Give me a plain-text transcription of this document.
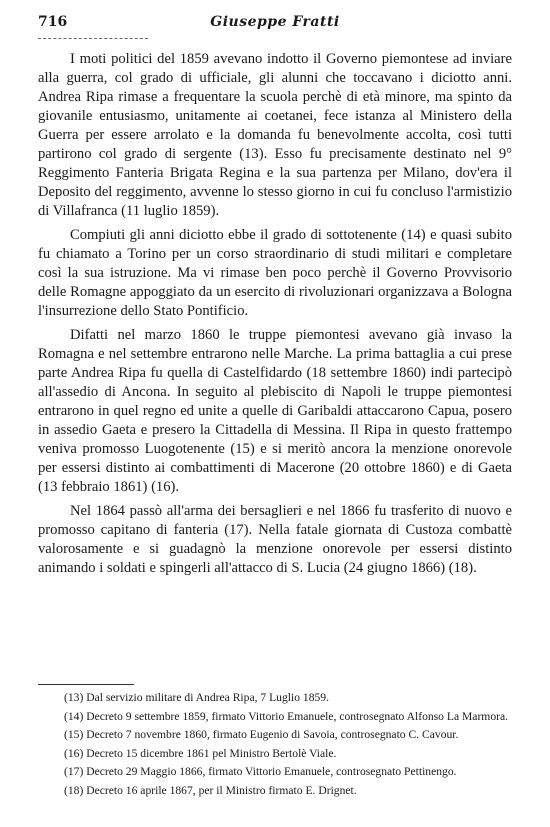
716	Giuseppe Fratti

I moti politici del 1859 avevano indotto il Governo piemontese ad inviare alla guerra, col grado di ufficiale, gli alunni che toccavano i diciotto anni. Andrea Ripa rimase a frequentare la scuola perchè di età minore, ma spinto da giovanile entusiasmo, unitamente ai coetanei, fece istanza al Ministero della Guerra per essere arrolato e la domanda fu benevolmente accolta, così tutti partirono col grado di sergente (13). Esso fu precisamente destinato nel 9° Reggimento Fanteria Brigata Regina e la sua partenza per Milano, dov'era il Deposito del reggimento, avvenne lo stesso giorno in cui fu concluso l'armistizio di Villafranca (11 luglio 1859).

Compiuti gli anni diciotto ebbe il grado di sottotenente (14) e quasi subito fu chiamato a Torino per un corso straordinario di studi militari e completare così la sua istruzione. Ma vi rimase ben poco perchè il Governo Provvisorio delle Romagne appoggiato da un esercito di rivoluzionari organizzava a Bologna l'insurrezione dello Stato Pontificio.

Difatti nel marzo 1860 le truppe piemontesi avevano già invaso la Romagna e nel settembre entrarono nelle Marche. La prima battaglia a cui prese parte Andrea Ripa fu quella di Castelfidardo (18 settembre 1860) indi partecipò all'assedio di Ancona. In seguito al plebiscito di Napoli le truppe piemontesi entrarono in quel regno ed unite a quelle di Garibaldi attaccarono Capua, posero in assedio Gaeta e presero la Cittadella di Messina. Il Ripa in questo frattempo veniva promosso Luogotenente (15) e si meritò ancora la menzione onorevole per essersi distinto ai combattimenti di Macerone (20 ottobre 1860) e di Gaeta (13 febbraio 1861) (16).

Nel 1864 passò all'arma dei bersaglieri e nel 1866 fu trasferito di nuovo e promosso capitano di fanteria (17). Nella fatale giornata di Custoza combattè valorosamente e si guadagnò la menzione onorevole per essersi distinto animando i soldati e spingerli all'attacco di S. Lucia (24 giugno 1866) (18).

(13) Dal servizio militare di Andrea Ripa, 7 Luglio 1859.

(14) Decreto 9 settembre 1859, firmato Vittorio Emanuele, controsegnato Alfonso La Marmora.

(15) Decreto 7 novembre 1860, firmato Eugenio di Savoia, controsegnato C. Cavour.

(16) Decreto 15 dicembre 1861 pel Ministro Bertolè Viale.

(17) Decreto 29 Maggio 1866, firmato Vittorio Emanuele, controsegnato Pettinengo.

(18) Decreto 16 aprile 1867, per il Ministro firmato E. Drignet.
